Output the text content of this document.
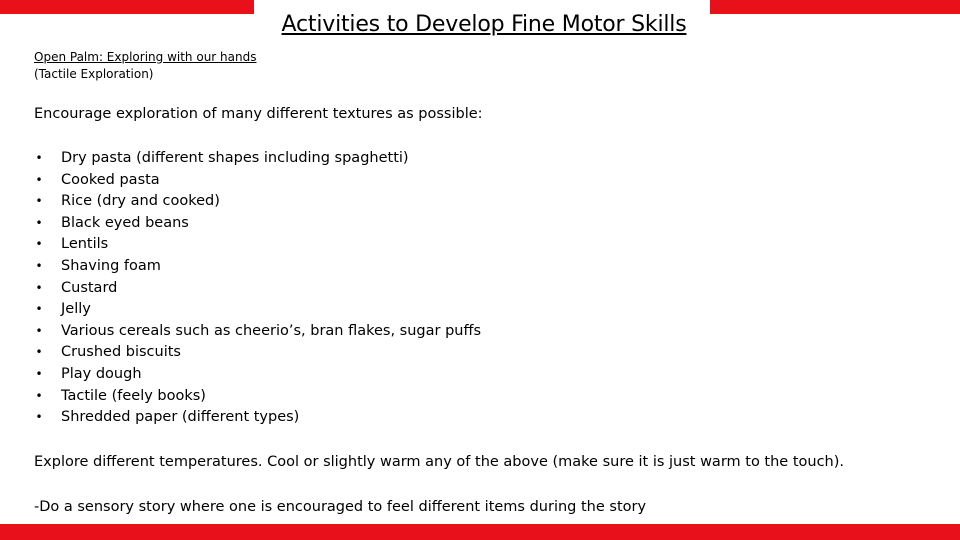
Activities to Develop Fine Motor Skills
Open Palm: Exploring with our hands
(Tactile Exploration)
Encourage exploration of many different textures as possible:
• Dry pasta (different shapes including spaghetti)
• Cooked pasta
• Rice (dry and cooked)
• Black eyed beans
• Lentils
• Shaving foam
• Custard
• Jelly
• Various cereals such as cheerio’s, bran flakes, sugar puffs
• Crushed biscuits
• Play dough
• Tactile (feely books)
• Shredded paper (different types)
Explore different temperatures. Cool or slightly warm any of the above (make sure it is just warm to the touch).
-Do a sensory story where one is encouraged to feel different items during the story
